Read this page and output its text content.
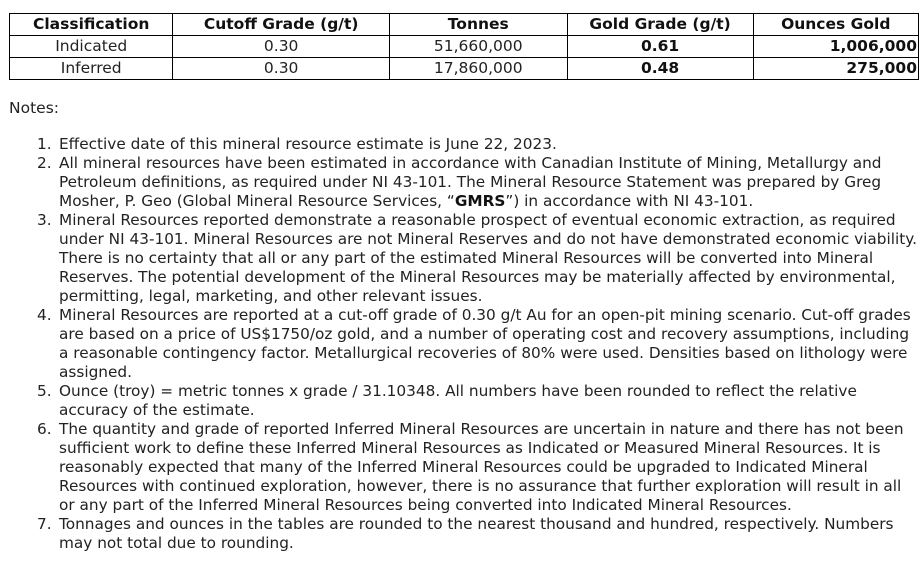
Classification	Cutoff Grade (g/t)	Tonnes	Gold Grade (g/t)	Ounces Gold
Indicated	0.30	51,660,000	0.61	1,006,000
Inferred	0.30	17,860,000	0.48	275,000

Notes:

1. Effective date of this mineral resource estimate is June 22, 2023.
2. All mineral resources have been estimated in accordance with Canadian Institute of Mining, Metallurgy and Petroleum definitions, as required under NI 43-101. The Mineral Resource Statement was prepared by Greg Mosher, P. Geo (Global Mineral Resource Services, “GMRS”) in accordance with NI 43-101.
3. Mineral Resources reported demonstrate a reasonable prospect of eventual economic extraction, as required under NI 43-101. Mineral Resources are not Mineral Reserves and do not have demonstrated economic viability. There is no certainty that all or any part of the estimated Mineral Resources will be converted into Mineral Reserves. The potential development of the Mineral Resources may be materially affected by environmental, permitting, legal, marketing, and other relevant issues.
4. Mineral Resources are reported at a cut-off grade of 0.30 g/t Au for an open-pit mining scenario. Cut-off grades are based on a price of US$1750/oz gold, and a number of operating cost and recovery assumptions, including a reasonable contingency factor. Metallurgical recoveries of 80% were used. Densities based on lithology were assigned.
5. Ounce (troy) = metric tonnes x grade / 31.10348. All numbers have been rounded to reflect the relative accuracy of the estimate.
6. The quantity and grade of reported Inferred Mineral Resources are uncertain in nature and there has not been sufficient work to define these Inferred Mineral Resources as Indicated or Measured Mineral Resources. It is reasonably expected that many of the Inferred Mineral Resources could be upgraded to Indicated Mineral Resources with continued exploration, however, there is no assurance that further exploration will result in all or any part of the Inferred Mineral Resources being converted into Indicated Mineral Resources.
7. Tonnages and ounces in the tables are rounded to the nearest thousand and hundred, respectively. Numbers may not total due to rounding.
